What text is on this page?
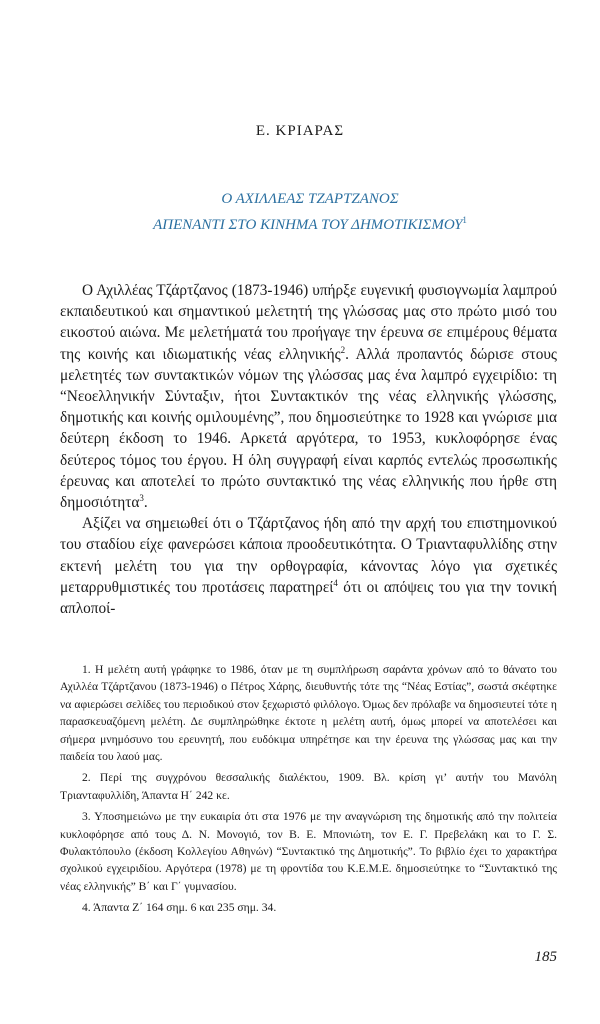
Ε. ΚΡΙΑΡΑΣ
Ο ΑΧΙΛΛΕΑΣ ΤΖΑΡΤΖΑΝΟΣ
ΑΠΕΝΑΝΤΙ ΣΤΟ ΚΙΝΗΜΑ ΤΟΥ ΔΗΜΟΤΙΚΙΣΜΟΥ$^1$

Ο Αχιλλέας Τζάρτζανος (1873-1946) υπήρξε ευγενική φυσιογνωμία λαμπρού εκπαιδευτικού και σημαντικού μελετητή της γλώσσας μας στο πρώτο μισό του εικοστού αιώνα. Με μελετήματά του προήγαγε την έρευνα σε επιμέρους θέματα της κοινής και ιδιωματικής νέας ελληνικής$^2$. Αλλά προπαντός δώρισε στους μελετητές των συντακτικών νόμων της γλώσσας μας ένα λαμπρό εγχειρίδιο: τη “Νεοελληνικήν Σύνταξιν, ήτοι Συντακτικόν της νέας ελληνικής γλώσσης, δημοτικής και κοινής ομιλουμένης”, που δημοσιεύτηκε το 1928 και γνώρισε μια δεύτερη έκδοση το 1946. Αρκετά αργότερα, το 1953, κυκλοφόρησε ένας δεύτερος τόμος του έργου. Η όλη συγγραφή είναι καρπός εντελώς προσωπικής έρευνας και αποτελεί το πρώτο συντακτικό της νέας ελληνικής που ήρθε στη δημοσιότητα$^3$.

Αξίζει να σημειωθεί ότι ο Τζάρτζανος ήδη από την αρχή του επιστημονικού του σταδίου είχε φανερώσει κάποια προοδευτικότητα. Ο Τριανταφυλλίδης στην εκτενή μελέτη του για την ορθογραφία, κάνοντας λόγο για σχετικές μεταρρυθμιστικές του προτάσεις παρατηρεί$^4$ ότι οι απόψεις του για την τονική απλοποί-

1. Η μελέτη αυτή γράφηκε το 1986, όταν με τη συμπλήρωση σαράντα χρόνων από το θάνατο του Αχιλλέα Τζάρτζανου (1873-1946) ο Πέτρος Χάρης, διευθυντής τότε της “Νέας Εστίας”, σωστά σκέφτηκε να αφιερώσει σελίδες του περιοδικού στον ξεχωριστό φιλόλογο. Όμως δεν πρόλαβε να δημοσιευτεί τότε η παρασκευαζόμενη μελέτη. Δε συμπληρώθηκε έκτοτε η μελέτη αυτή, όμως μπορεί να αποτελέσει και σήμερα μνημόσυνο του ερευνητή, που ευδόκιμα υπηρέτησε και την έρευνα της γλώσσας μας και την παιδεία του λαού μας.

2. Περί της συγχρόνου θεσσαλικής διαλέκτου, 1909. Βλ. κρίση γι’ αυτήν του Μανόλη Τριανταφυλλίδη, Άπαντα Η΄ 242 κε.

3. Υποσημειώνω με την ευκαιρία ότι στα 1976 με την αναγνώριση της δημοτικής από την πολιτεία κυκλοφόρησε από τους Δ. Ν. Μονογιό, τον Β. Ε. Μπονιώτη, τον Ε. Γ. Πρεβελάκη και το Γ. Σ. Φυλακτόπουλο (έκδοση Κολλεγίου Αθηνών) “Συντακτικό της Δημοτικής”. Το βιβλίο έχει το χαρακτήρα σχολικού εγχειριδίου. Αργότερα (1978) με τη φροντίδα του Κ.Ε.Μ.Ε. δημοσιεύτηκε το “Συντακτικό της νέας ελληνικής” Β΄ και Γ΄ γυμνασίου.

4. Άπαντα Ζ΄ 164 σημ. 6 και 235 σημ. 34.

185
